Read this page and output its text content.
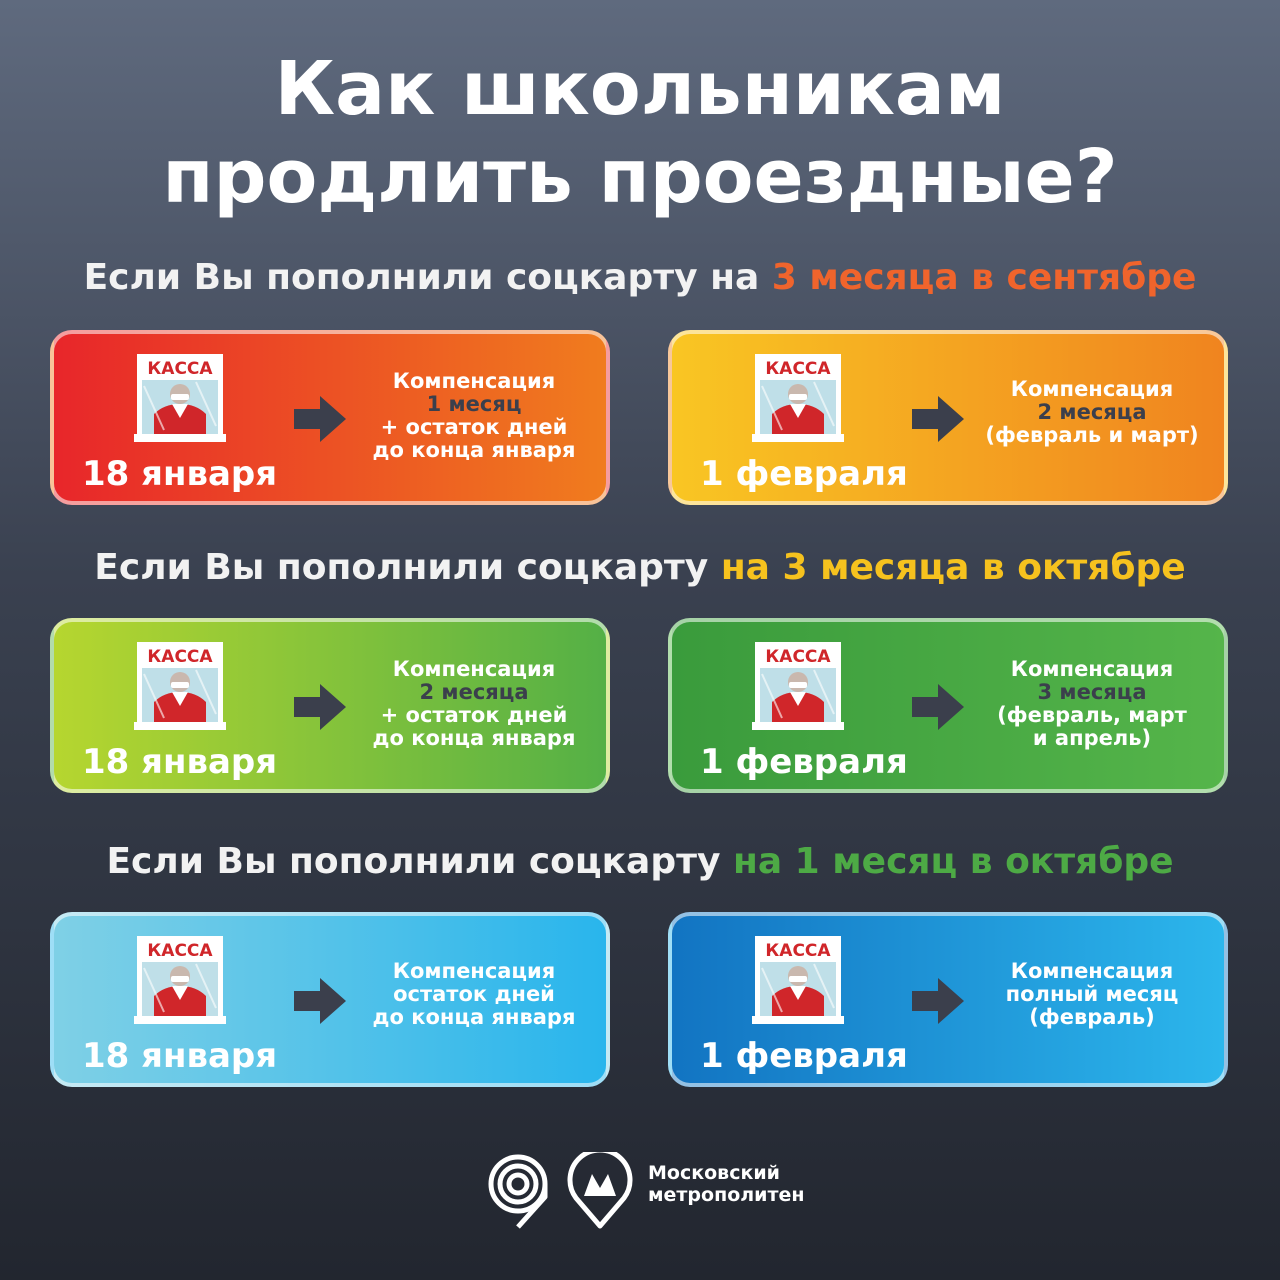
Как школьникам
продлить проездные?
Если Вы пополнили соцкарту на 3 месяца в сентябре
КАССА
18 января
Компенсация
1 месяц
+ остаток дней
до конца января
КАССА
1 февраля
Компенсация
2 месяца
(февраль и март)
Если Вы пополнили соцкарту на 3 месяца в октябре
КАССА
18 января
Компенсация
2 месяца
+ остаток дней
до конца января
КАССА
1 февраля
Компенсация
3 месяца
(февраль, март
и апрель)
Если Вы пополнили соцкарту на 1 месяц в октябре
КАССА
18 января
Компенсация
остаток дней
до конца января
КАССА
1 февраля
Компенсация
полный месяц
(февраль)
Московский
метрополитен
